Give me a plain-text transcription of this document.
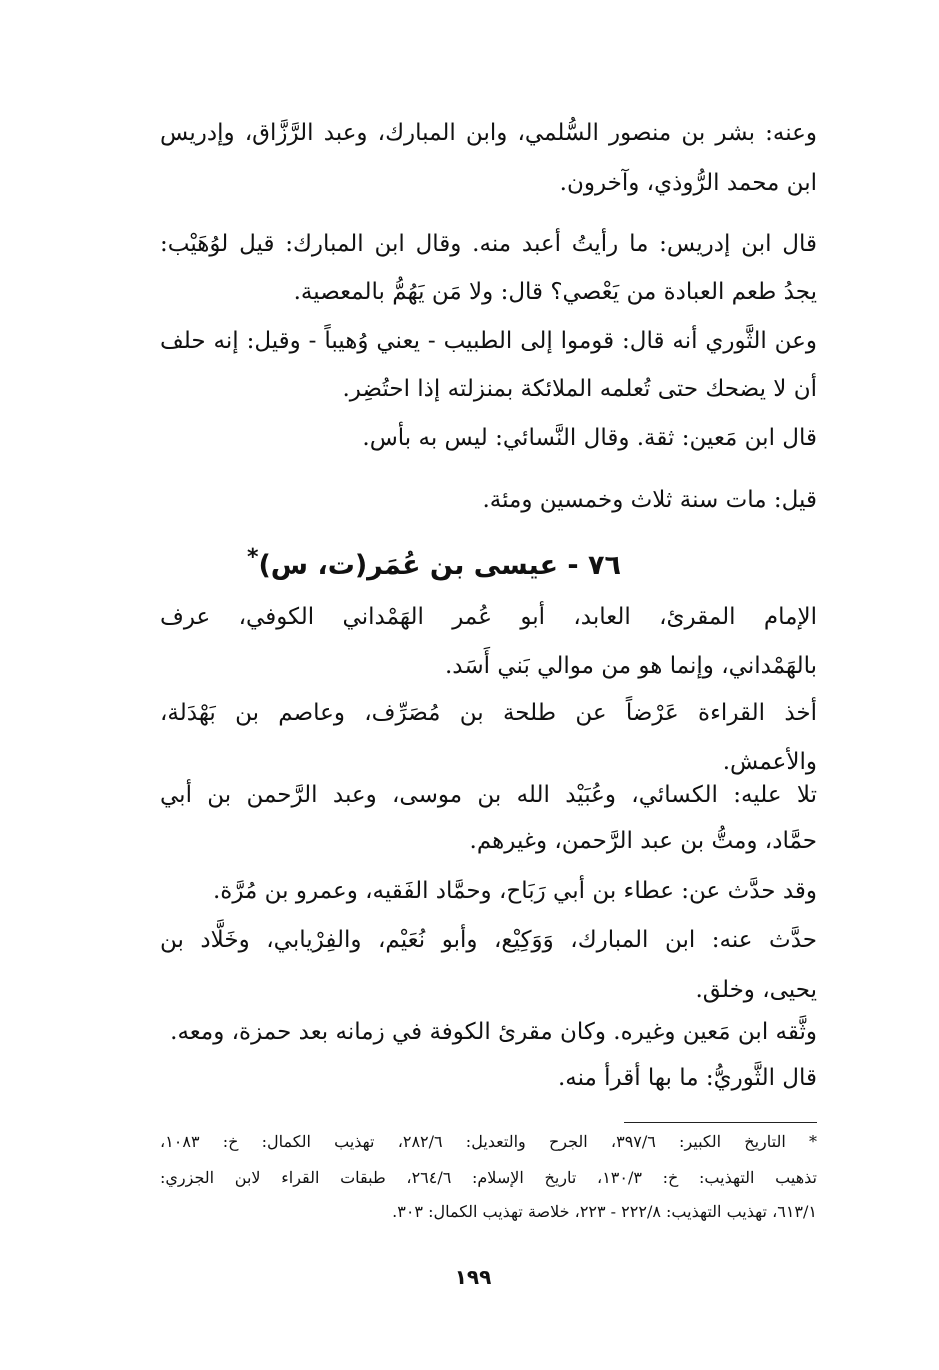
وعنه: بشر بن منصور السُّلمي، وابن المبارك، وعبد الرَّزَّاق، وإدريس
ابن محمد الرُّوذي، وآخرون.
قال ابن إدريس: ما رأيتُ أعبد منه. وقال ابن المبارك: قيل لوُهَيْب:
يجدُ طعم العبادة من يَعْصي؟ قال: ولا مَن يَهُمُّ بالمعصية.
وعن الثَّوري أنه قال: قوموا إلى الطبيب - يعني وُهيباً - وقيل: إنه حلف
أن لا يضحك حتى تُعلمه الملائكة بمنزلته إذا احتُضِر.
قال ابن مَعين: ثقة. وقال النَّسائي: ليس به بأس.
قيل: مات سنة ثلاث وخمسين ومئة.
٧٦ - عيسى بن عُمَر(ت، س)*
الإمام المقرئ، العابد، أبو عُمر الهَمْداني الكوفي، عرف
بالهَمْداني، وإنما هو من موالي بَني أَسَد.
أخذ القراءة عَرْضاً عن طلحة بن مُصَرِّف، وعاصم بن بَهْدَلة،
والأعمش.
تلا عليه: الكسائي، وعُبَيْد الله بن موسى، وعبد الرَّحمن بن أبي
حمَّاد، ومتُّ بن عبد الرَّحمن، وغيرهم.
وقد حدَّث عن: عطاء بن أبي رَبَاح، وحمَّاد الفَقيه، وعمرو بن مُرَّة.
حدَّث عنه: ابن المبارك، وَوَكِيْع، وأبو نُعَيْم، والفِرْيابي، وخَلَّاد بن
يحيى، وخلق.
وثَّقه ابن مَعين وغيره. وكان مقرئ الكوفة في زمانه بعد حمزة، ومعه.
قال الثَّوريُّ: ما بها أقرأ منه.
* التاريخ الكبير: ٣٩٧/٦، الجرح والتعديل: ٢٨٢/٦، تهذيب الكمال: خ: ١٠٨٣،
تذهيب التهذيب: خ: ١٣٠/٣، تاريخ الإسلام: ٢٦٤/٦، طبقات القراء لابن الجزري:
٦١٣/١، تهذيب التهذيب: ٢٢٢/٨ - ٢٢٣، خلاصة تهذيب الكمال: ٣٠٣.
١٩٩
